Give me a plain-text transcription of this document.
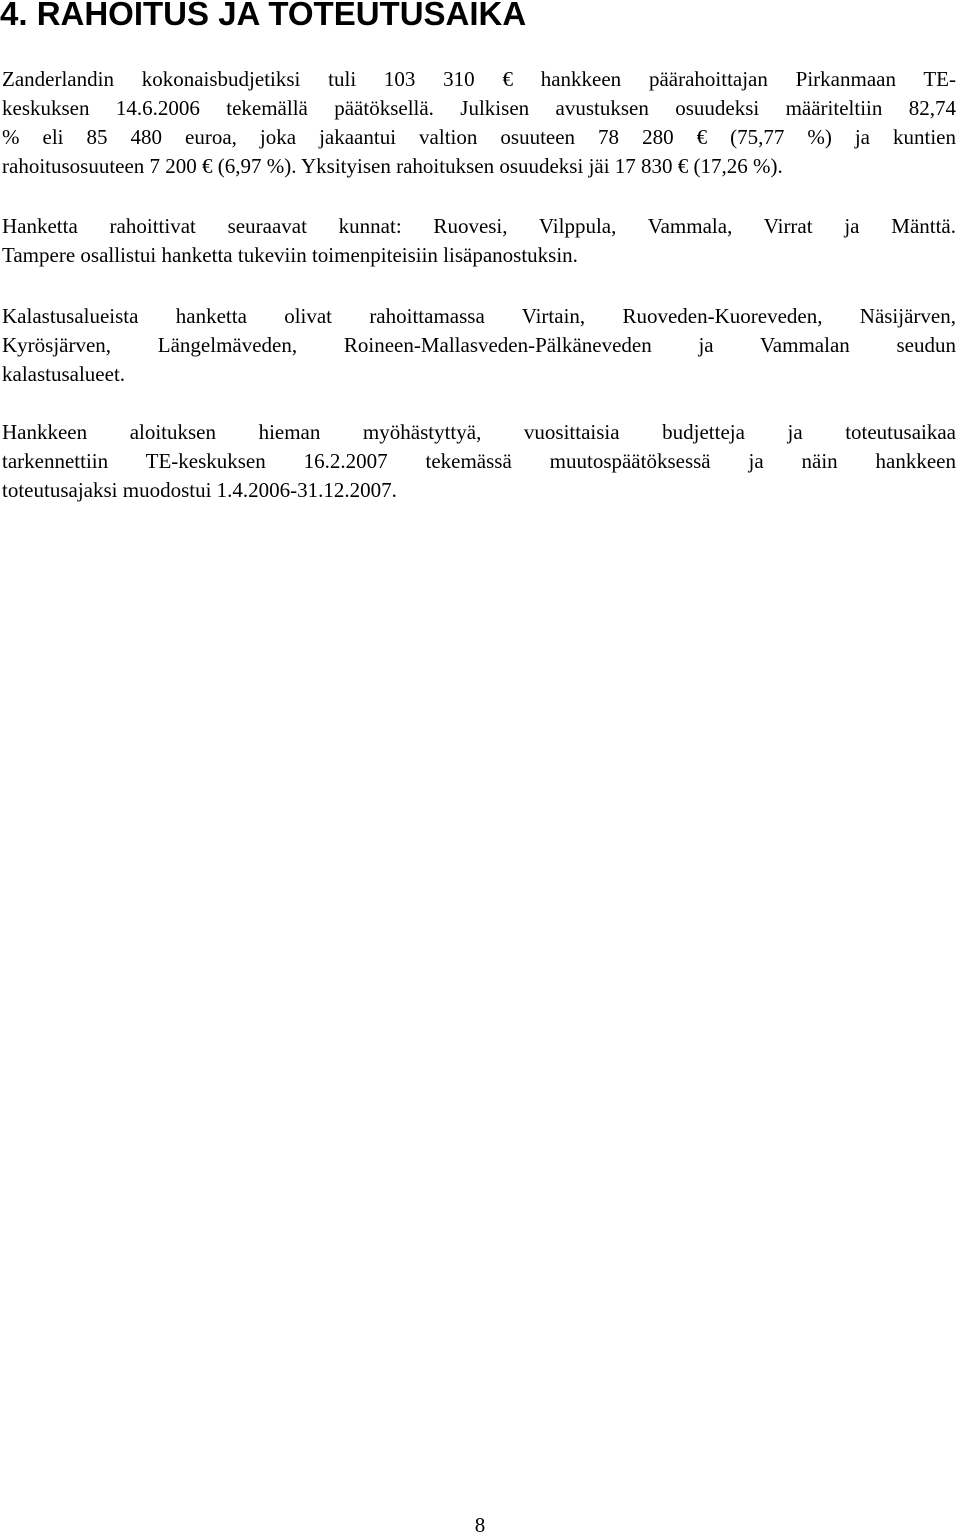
4. RAHOITUS JA TOTEUTUSAIKA

Zanderlandin kokonaisbudjetiksi tuli 103 310 € hankkeen päärahoittajan Pirkanmaan TE-
keskuksen 14.6.2006 tekemällä päätöksellä. Julkisen avustuksen osuudeksi määriteltiin 82,74
% eli 85 480 euroa, joka jakaantui valtion osuuteen 78 280 € (75,77 %) ja kuntien
rahoitusosuuteen 7 200 € (6,97 %). Yksityisen rahoituksen osuudeksi jäi 17 830 € (17,26 %).

Hanketta rahoittivat seuraavat kunnat: Ruovesi, Vilppula, Vammala, Virrat ja Mänttä.
Tampere osallistui hanketta tukeviin toimenpiteisiin lisäpanostuksin.

Kalastusalueista hanketta olivat rahoittamassa Virtain, Ruoveden-Kuoreveden, Näsijärven,
Kyrösjärven, Längelmäveden, Roineen-Mallasveden-Pälkäneveden ja Vammalan seudun
kalastusalueet.

Hankkeen aloituksen hieman myöhästyttyä, vuosittaisia budjetteja ja toteutusaikaa
tarkennettiin TE-keskuksen 16.2.2007 tekemässä muutospäätöksessä ja näin hankkeen
toteutusajaksi muodostui 1.4.2006-31.12.2007.

8
